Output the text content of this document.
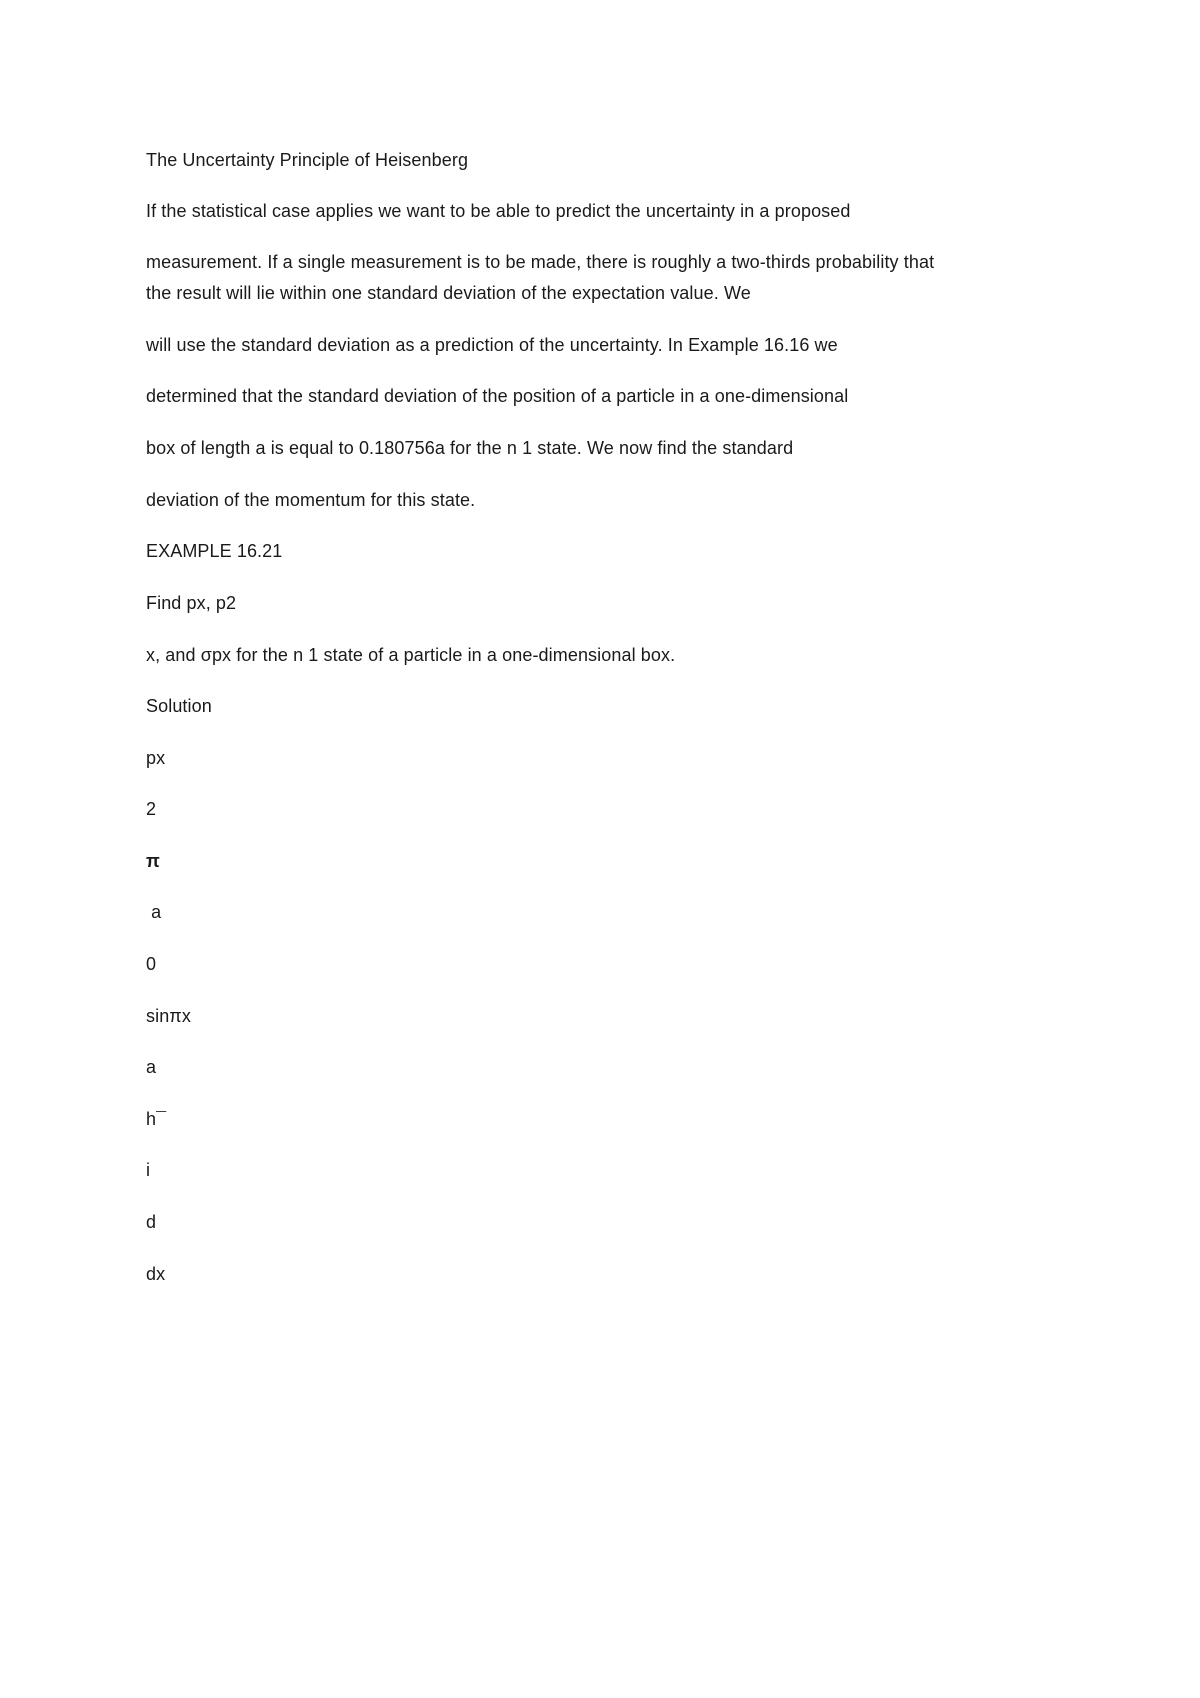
The Uncertainty Principle of Heisenberg
If the statistical case applies we want to be able to predict the uncertainty in a proposed
measurement. If a single measurement is to be made, there is roughly a two-thirds probability that
the result will lie within one standard deviation of the expectation value. We
will use the standard deviation as a prediction of the uncertainty. In Example 16.16 we
determined that the standard deviation of the position of a particle in a one-dimensional
box of length a is equal to 0.180756a for the n 1 state. We now find the standard
deviation of the momentum for this state.
EXAMPLE 16.21
Find px, p2
x, and σpx for the n 1 state of a particle in a one-dimensional box.
Solution
px
2
π
a
0
sinπx
a
h¯
i
d
dx
